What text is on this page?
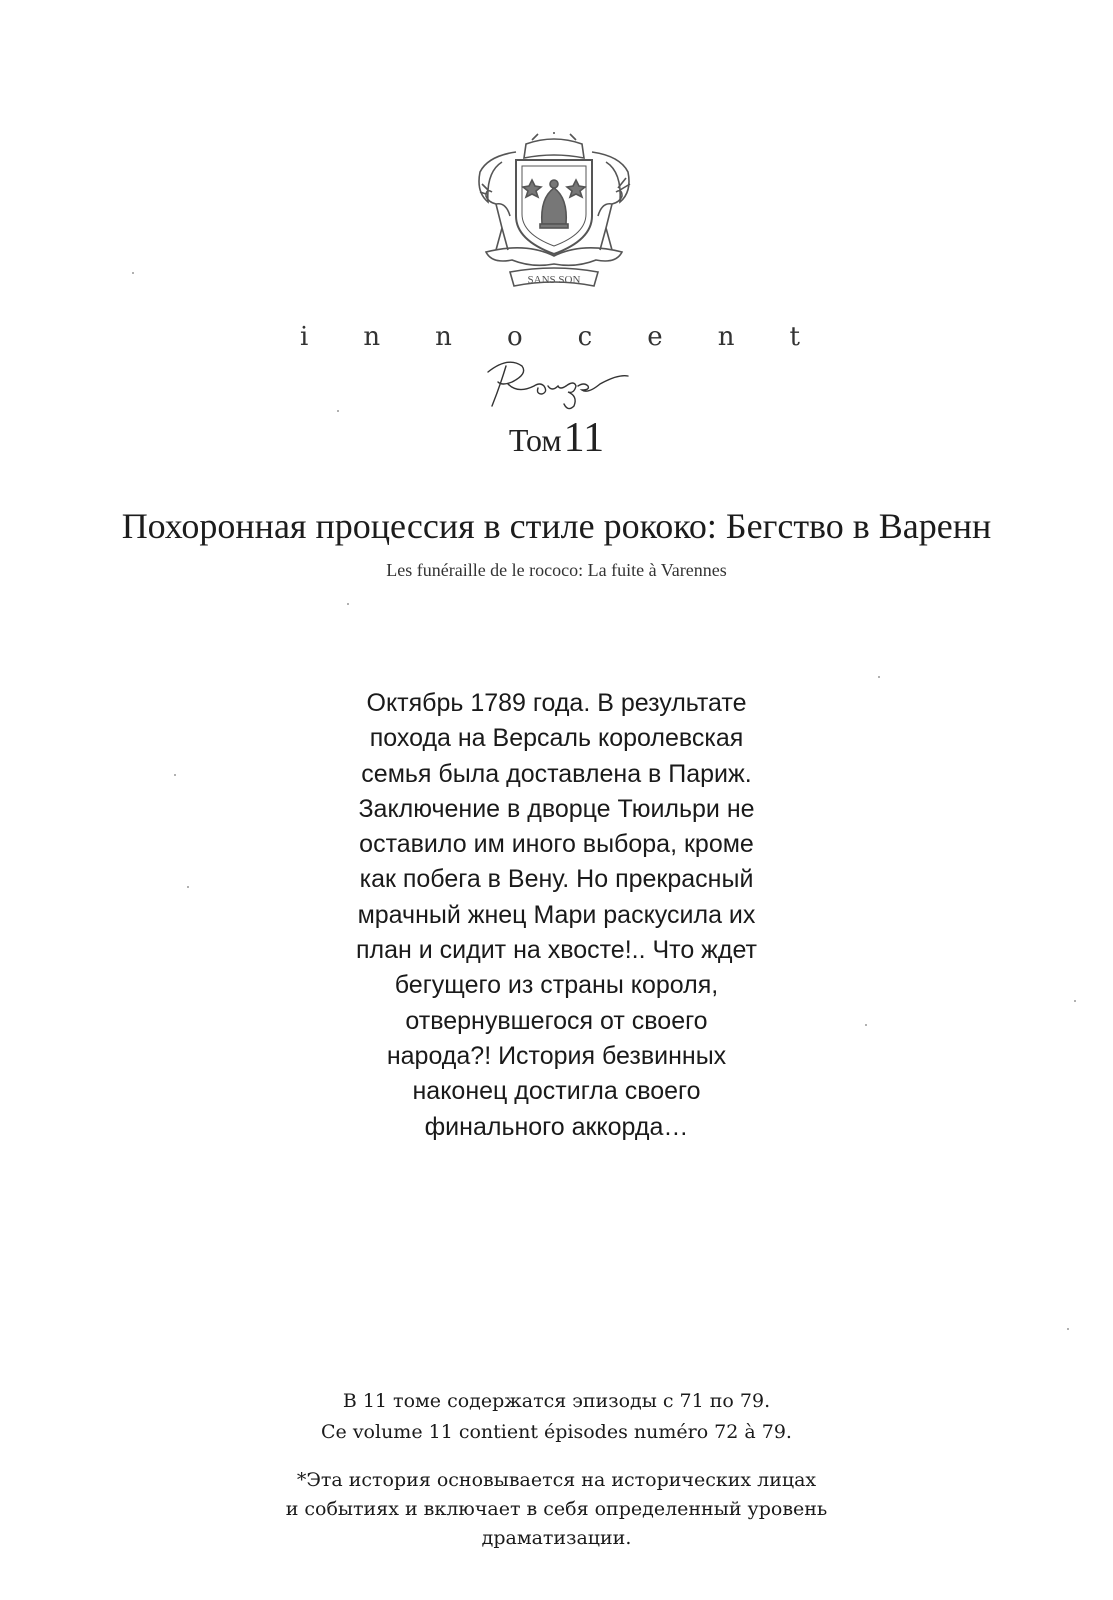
SANS SON
i n n o c e n t
Том11
Похоронная процессия в стиле рококо: Бегство в Варенн
Les funéraille de le rococo: La fuite à Varennes
Октябрь 1789 года. В результате
похода на Версаль королевская
семья была доставлена в Париж.
Заключение в дворце Тюильри не
оставило им иного выбора, кроме
как побега в Вену. Но прекрасный
мрачный жнец Мари раскусила их
план и сидит на хвосте!.. Что ждет
бегущего из страны короля,
отвернувшегося от своего
народа?! История безвинных
наконец достигла своего
финального аккорда…
В 11 томе содержатся эпизоды с 71 по 79.
Ce volume 11 contient épisodes numéro 72 à 79.
*Эта история основывается на исторических лицах
и событиях и включает в себя определенный уровень
драматизации.
